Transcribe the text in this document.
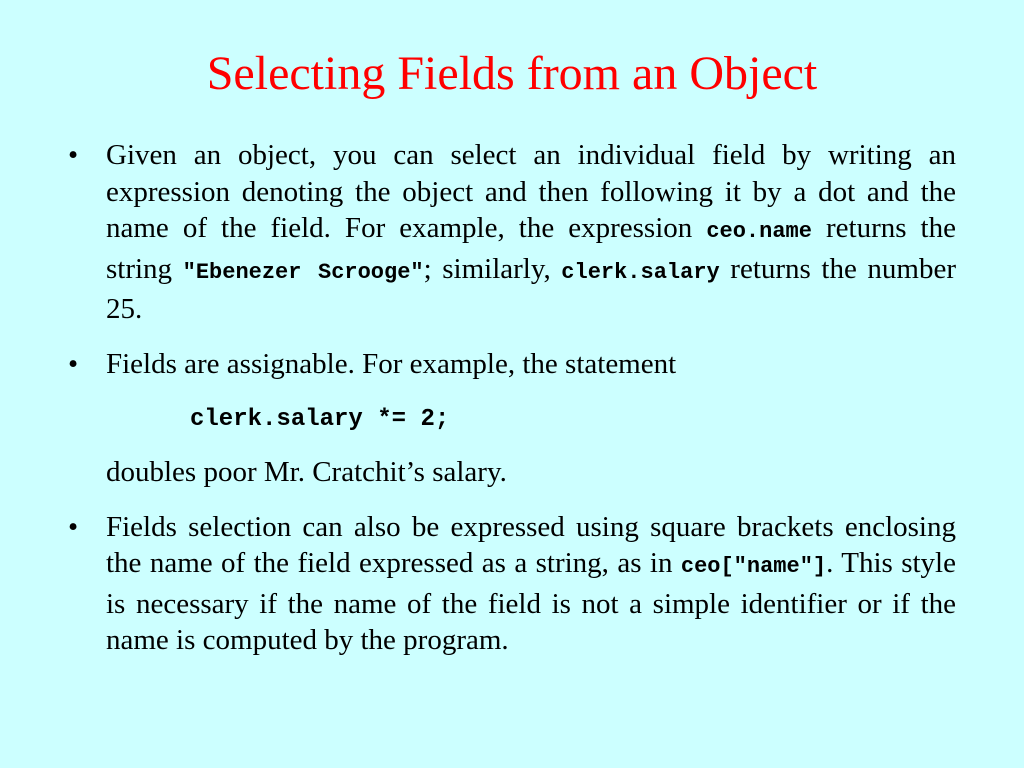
Selecting Fields from an Object
• Given an object, you can select an individual field by writing an expression denoting the object and then following it by a dot and the name of the field. For example, the expression ceo.name returns the string "Ebenezer Scrooge"; similarly, clerk.salary returns the number 25.
• Fields are assignable. For example, the statement
clerk.salary *= 2;
doubles poor Mr. Cratchit’s salary.
• Fields selection can also be expressed using square brackets enclosing the name of the field expressed as a string, as in ceo["name"]. This style is necessary if the name of the field is not a simple identifier or if the name is computed by the program.
